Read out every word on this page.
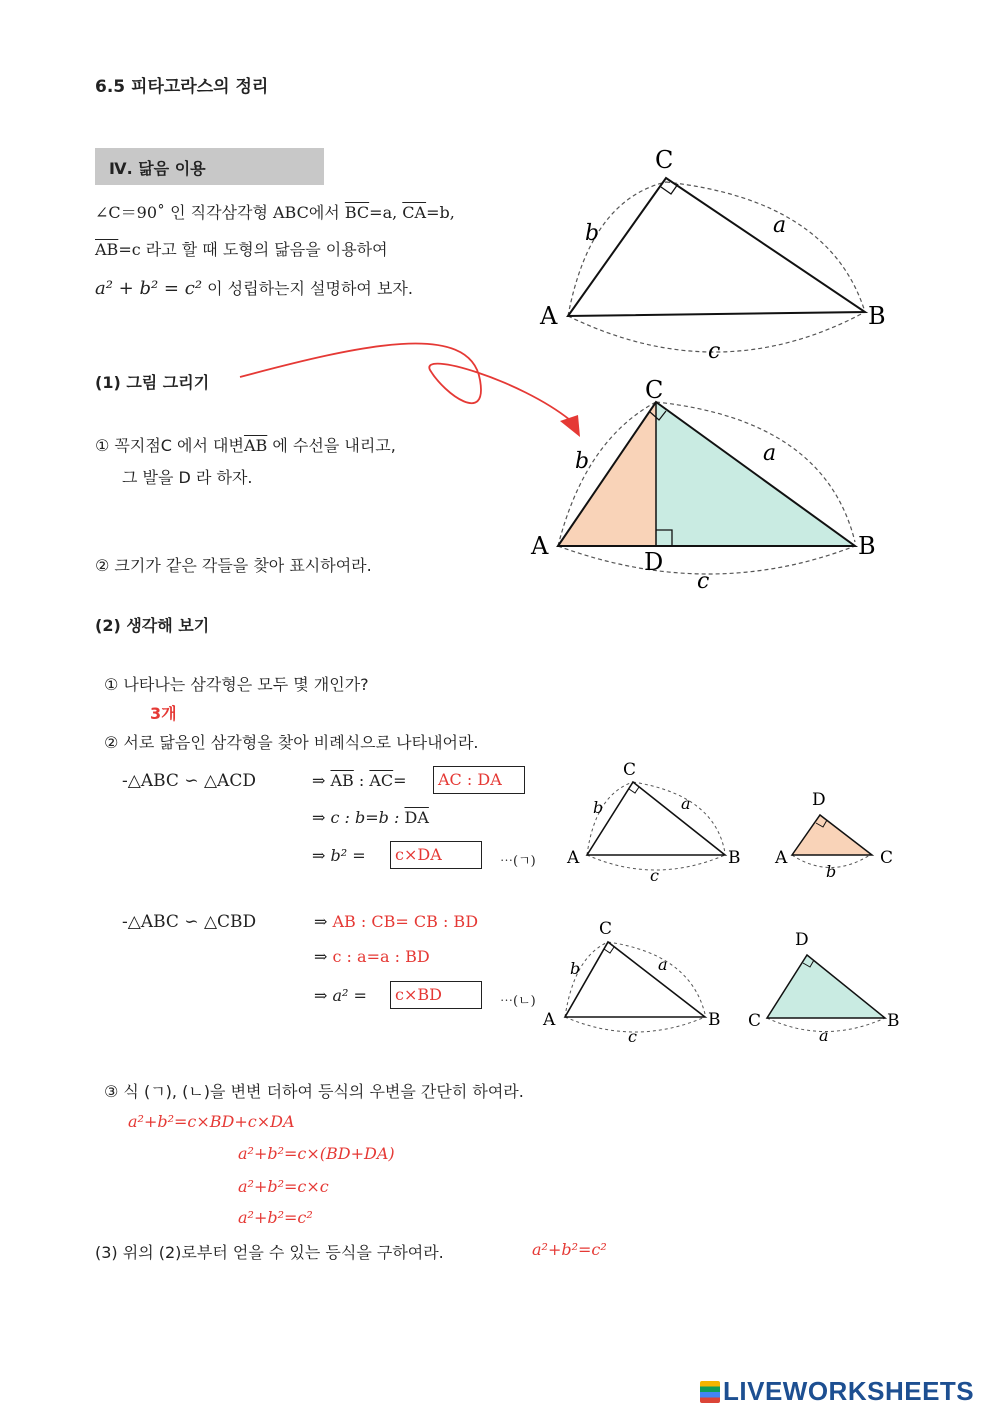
6.5 피타고라스의 정리
Ⅳ. 닮음 이용
∠C＝90˚ 인 직각삼각형 ABC에서 $\overline{BC}=a$, $\overline{CA}=b$,
$\overline{AB}=c$ 라고 할 때 도형의 닮음을 이용하여
a² + b² = c² 이 성립하는지 설명하여 보자.
C
A	B
b	a
c
(1) 그림 그리기
① 꼭지점C 에서 대변$\overline{AB}$ 에 수선을 내리고,
그 발을 D 라 하자.
② 크기가 같은 각들을 찾아 표시하여라.
C
A	B
D
b	a
c
(2) 생각해 보기
① 나타나는 삼각형은 모두 몇 개인가?
3개
② 서로 닮음인 삼각형을 찾아 비례식으로 나타내어라.
-△ABC ∽ △ACD	⇒ $\overline{AB}$ : $\overline{AC}=$ AC : DA
⇒ c : b=b : $\overline{DA}$
⇒ b² = c×DA	⋯(ㄱ)
C
A	B
b	a
c
D
A	C
b
-△ABC ∽ △CBD	⇒ AB : CB= CB : BD
⇒ c : a=a : BD
⇒ a² = c×BD	⋯(ㄴ)
C
A	B
b	a
c
D
C	B
a
③ 식 (ㄱ), (ㄴ)을 변변 더하여 등식의 우변을 간단히 하여라.
a²+b²=c×BD+c×DA
a²+b²=c×(BD+DA)
a²+b²=c×c
a²+b²=c²
(3) 위의 (2)로부터 얻을 수 있는 등식을 구하여라.	a²+b²=c²
LIVEWORKSHEETS
